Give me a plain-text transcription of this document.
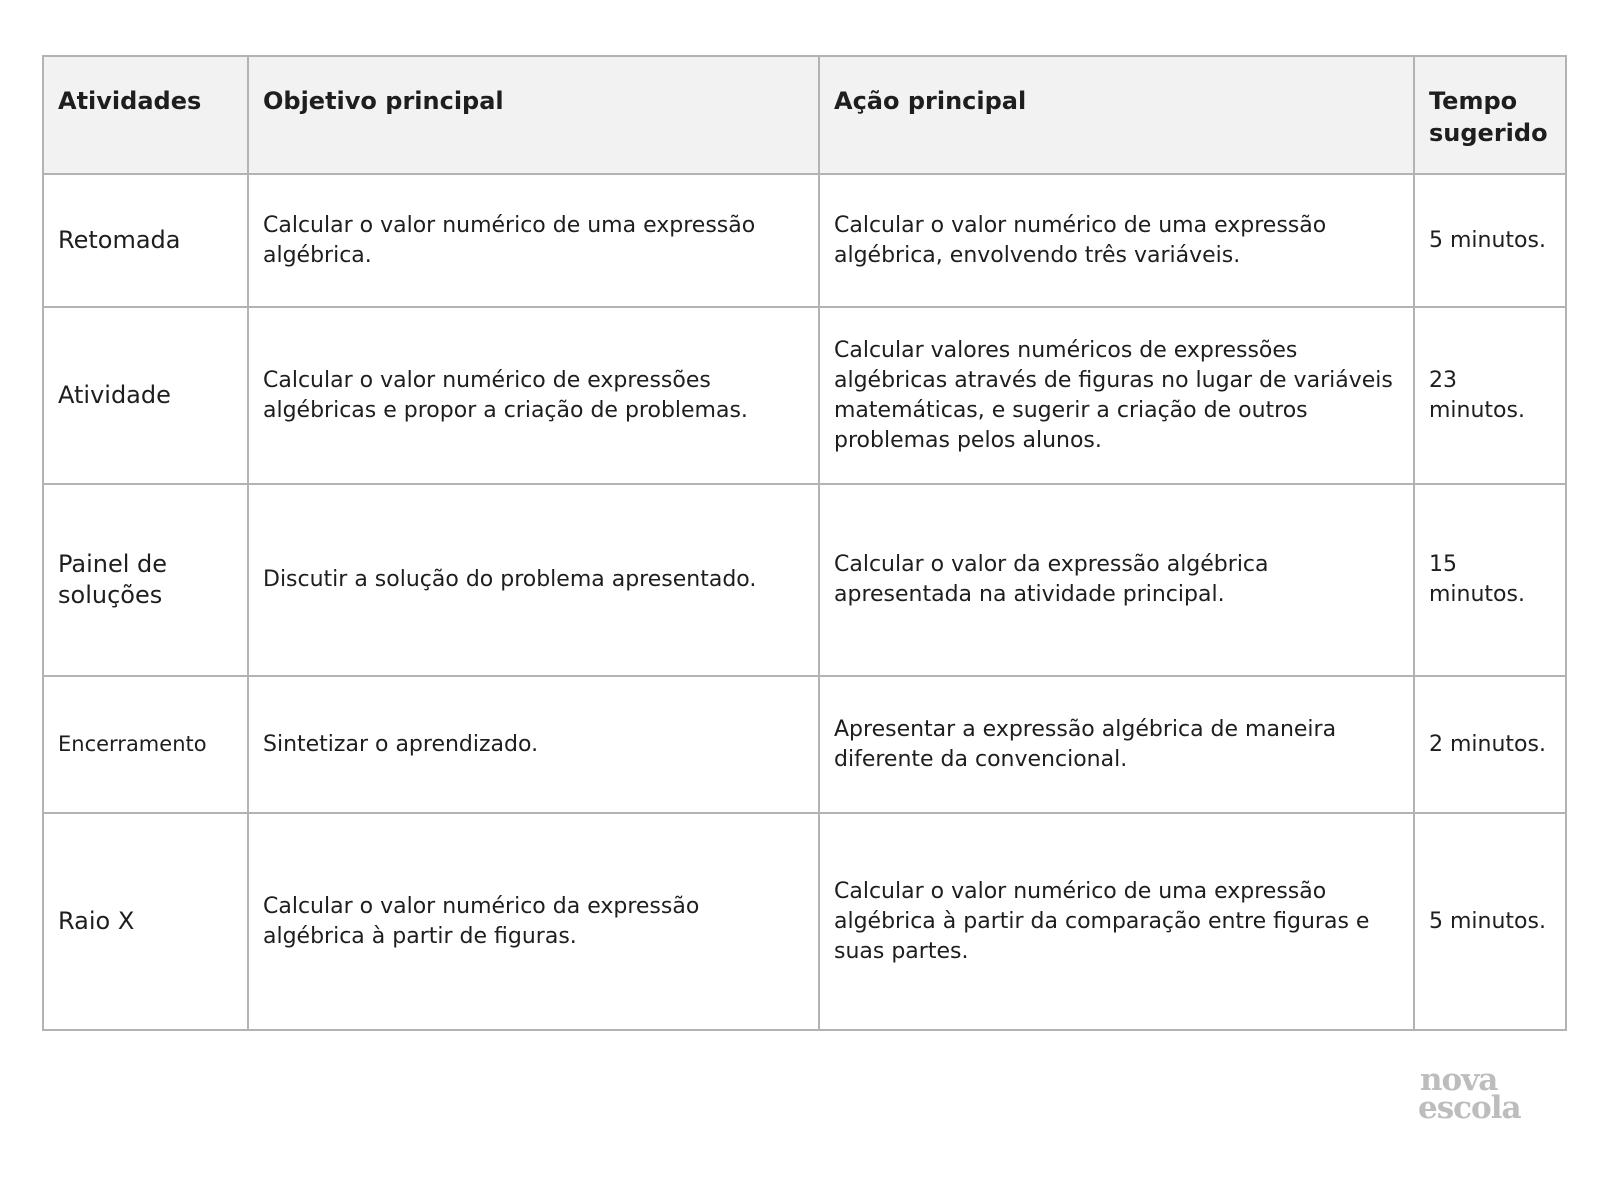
Atividades	Objetivo principal	Ação principal	Tempo sugerido
Retomada	Calcular o valor numérico de uma expressão algébrica.	Calcular o valor numérico de uma expressão algébrica, envolvendo três variáveis.	5 minutos.
Atividade	Calcular o valor numérico de expressões algébricas e propor a criação de problemas.	Calcular valores numéricos de expressões algébricas através de figuras no lugar de variáveis matemáticas, e sugerir a criação de outros problemas pelos alunos.	23 minutos.
Painel de soluções	Discutir a solução do problema apresentado.	Calcular o valor da expressão algébrica apresentada na atividade principal.	15 minutos.
Encerramento	Sintetizar o aprendizado.	Apresentar a expressão algébrica de maneira diferente da convencional.	2 minutos.
Raio X	Calcular o valor numérico da expressão algébrica à partir de figuras.	Calcular o valor numérico de uma expressão algébrica à partir da comparação entre figuras e suas partes.	5 minutos.
nova
escola
